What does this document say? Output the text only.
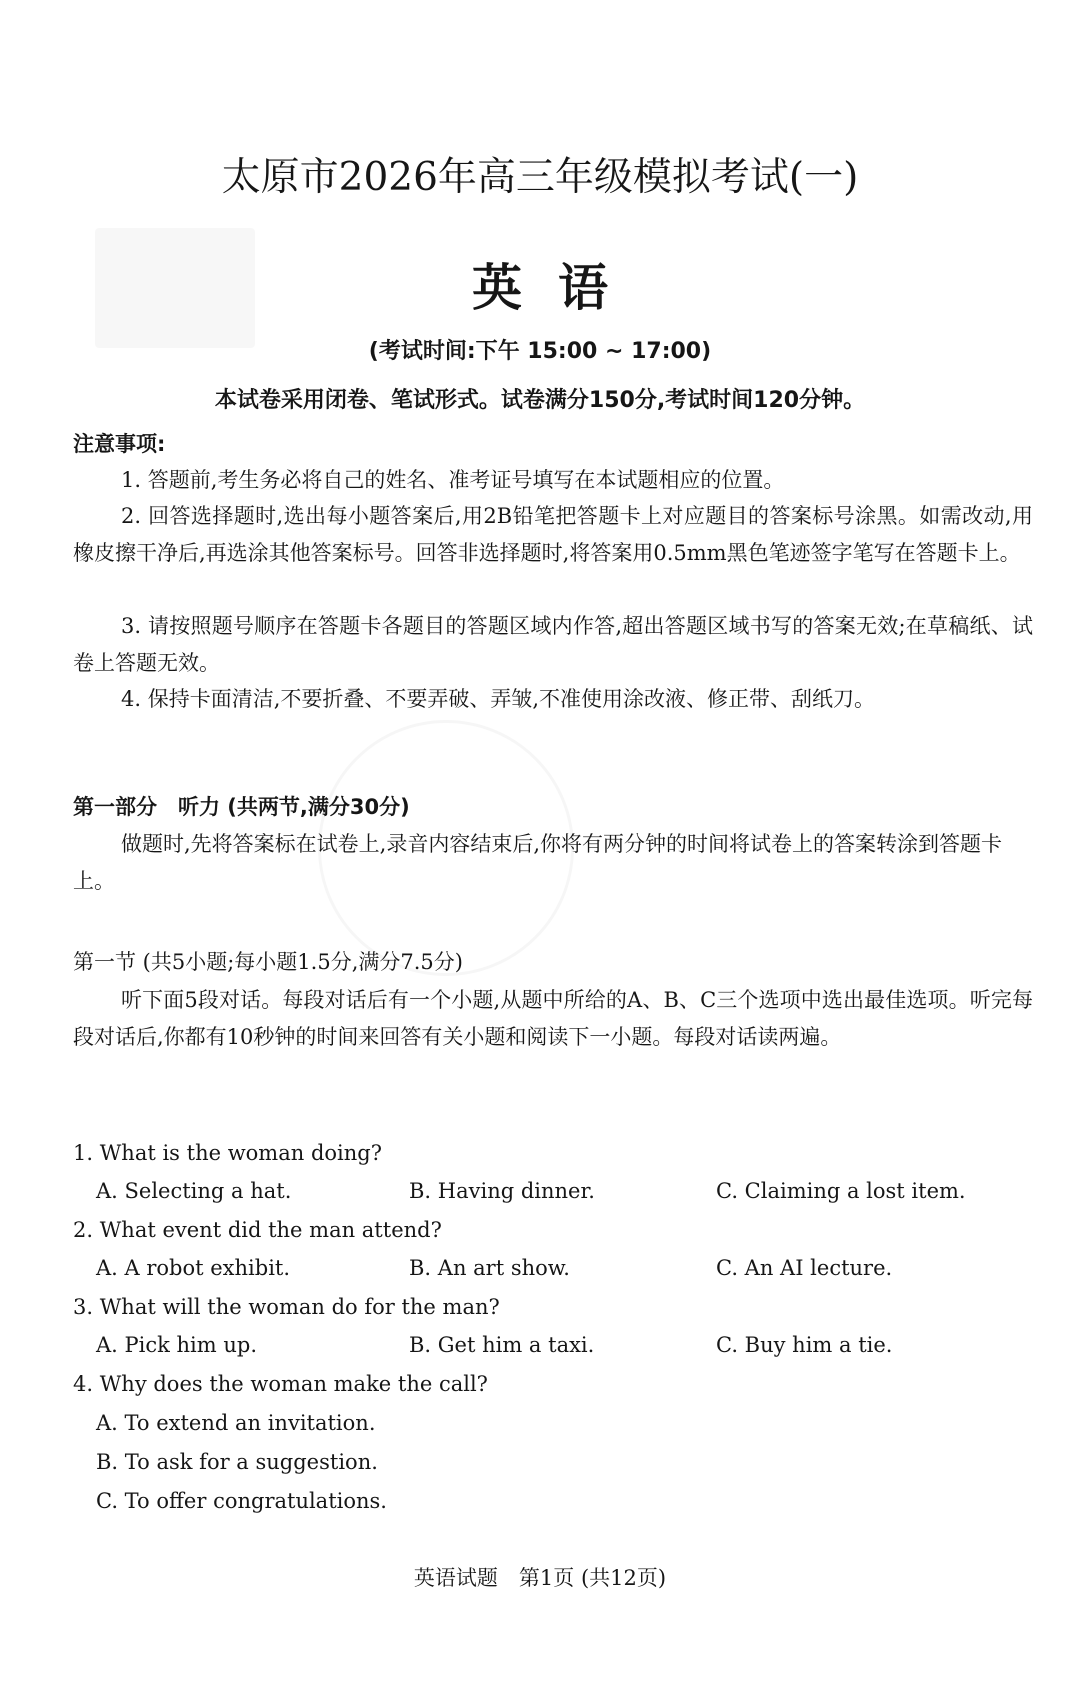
太原市2026年高三年级模拟考试(一)
英语
(考试时间:下午 15:00 ~ 17:00)
本试卷采用闭卷、笔试形式。试卷满分150分,考试时间120分钟。
注意事项:

1. 答题前,考生务必将自己的姓名、准考证号填写在本试题相应的位置。

2. 回答选择题时,选出每小题答案后,用2B铅笔把答题卡上对应题目的答案标号涂黑。如需改动,用橡皮擦干净后,再选涂其他答案标号。回答非选择题时,将答案用0.5mm黑色笔迹签字笔写在答题卡上。

3. 请按照题号顺序在答题卡各题目的答题区域内作答,超出答题区域书写的答案无效;在草稿纸、试卷上答题无效。

4. 保持卡面清洁,不要折叠、不要弄破、弄皱,不准使用涂改液、修正带、刮纸刀。

第一部分　听力 (共两节,满分30分)

做题时,先将答案标在试卷上,录音内容结束后,你将有两分钟的时间将试卷上的答案转涂到答题卡上。

第一节 (共5小题;每小题1.5分,满分7.5分)

听下面5段对话。每段对话后有一个小题,从题中所给的A、B、C三个选项中选出最佳选项。听完每段对话后,你都有10秒钟的时间来回答有关小题和阅读下一小题。每段对话读两遍。

1. What is the woman doing?
A. Selecting a hat.	B. Having dinner.	C. Claiming a lost item.
2. What event did the man attend?
A. A robot exhibit.	B. An art show.	C. An AI lecture.
3. What will the woman do for the man?
A. Pick him up.	B. Get him a taxi.	C. Buy him a tie.
4. Why does the woman make the call?
A. To extend an invitation.
B. To ask for a suggestion.
C. To offer congratulations.
英语试题　第1页 (共12页)
